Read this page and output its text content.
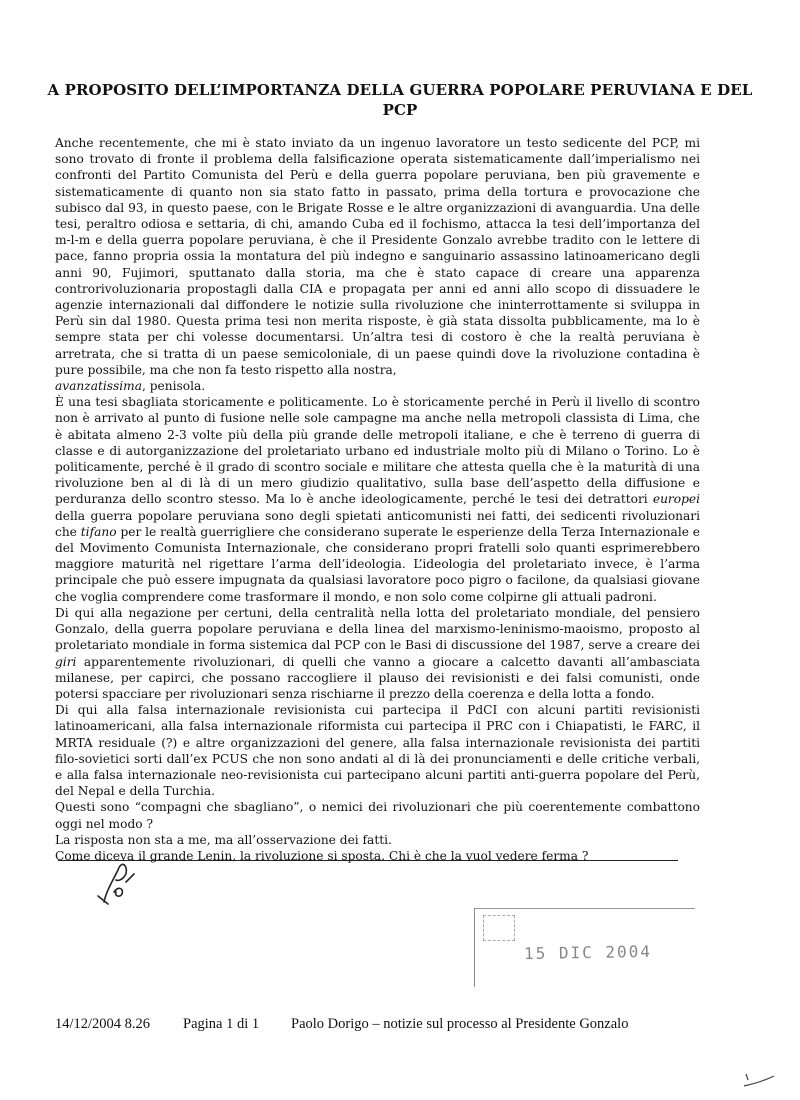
A PROPOSITO DELL’IMPORTANZA DELLA GUERRA POPOLARE PERUVIANA E DEL PCP

Anche recentemente, che mi è stato inviato da un ingenuo lavoratore un testo sedicente del PCP, mi sono trovato di fronte il problema della falsificazione operata sistematicamente dall’imperialismo nei confronti del Partito Comunista del Perù e della guerra popolare peruviana, ben più gravemente e sistematicamente di quanto non sia stato fatto in passato, prima della tortura e provocazione che subisco dal 93, in questo paese, con le Brigate Rosse e le altre organizzazioni di avanguardia. Una delle tesi, peraltro odiosa e settaria, di chi, amando Cuba ed il fochismo, attacca la tesi dell’importanza del m-l-m e della guerra popolare peruviana, è che il Presidente Gonzalo avrebbe tradito con le lettere di pace, fanno propria ossia la montatura del più indegno e sanguinario assassino latinoamericano degli anni 90, Fujimori, sputtanato dalla storia, ma che è stato capace di creare una apparenza controrivoluzionaria propostagli dalla CIA e propagata per anni ed anni allo scopo di dissuadere le agenzie internazionali dal diffondere le notizie sulla rivoluzione che ininterrottamente si sviluppa in Perù sin dal 1980. Questa prima tesi non merita risposte, è già stata dissolta pubblicamente, ma lo è sempre stata per chi volesse documentarsi. Un’altra tesi di costoro è che la realtà peruviana è arretrata, che si tratta di un paese semicoloniale, di un paese quindi dove la rivoluzione contadina è pure possibile, ma che non fa testo rispetto alla nostra,
avanzatissima, penisola.

È una tesi sbagliata storicamente e politicamente. Lo è storicamente perché in Perù il livello di scontro non è arrivato al punto di fusione nelle sole campagne ma anche nella metropoli classista di Lima, che è abitata almeno 2-3 volte più della più grande delle metropoli italiane, e che è terreno di guerra di classe e di autorganizzazione del proletariato urbano ed industriale molto più di Milano o Torino. Lo è politicamente, perché è il grado di scontro sociale e militare che attesta quella che è la maturità di una rivoluzione ben al di là di un mero giudizio qualitativo, sulla base dell’aspetto della diffusione e perduranza dello scontro stesso. Ma lo è anche ideologicamente, perché le tesi dei detrattori europei della guerra popolare peruviana sono degli spietati anticomunisti nei fatti, dei sedicenti rivoluzionari che tifano per le realtà guerrigliere che considerano superate le esperienze della Terza Internazionale e del Movimento Comunista Internazionale, che considerano propri fratelli solo quanti esprimerebbero maggiore maturità nel rigettare l’arma dell’ideologia. L’ideologia del proletariato invece, è l’arma principale che può essere impugnata da qualsiasi lavoratore poco pigro o facilone, da qualsiasi giovane che voglia comprendere come trasformare il mondo, e non solo come colpirne gli attuali padroni.

Di qui alla negazione per certuni, della centralità nella lotta del proletariato mondiale, del pensiero Gonzalo, della guerra popolare peruviana e della linea del marxismo-leninismo-maoismo, proposto al proletariato mondiale in forma sistemica dal PCP con le Basi di discussione del 1987, serve a creare dei giri apparentemente rivoluzionari, di quelli che vanno a giocare a calcetto davanti all’ambasciata milanese, per capirci, che possano raccogliere il plauso dei revisionisti e dei falsi comunisti, onde potersi spacciare per rivoluzionari senza rischiarne il prezzo della coerenza e della lotta a fondo.

Di qui alla falsa internazionale revisionista cui partecipa il PdCI con alcuni partiti revisionisti latinoamericani, alla falsa internazionale riformista cui partecipa il PRC con i Chiapatisti, le FARC, il MRTA residuale (?) e altre organizzazioni del genere, alla falsa internazionale revisionista dei partiti filo-sovietici sorti dall’ex PCUS che non sono andati al di là dei pronunciamenti e delle critiche verbali, e alla falsa internazionale neo-revisionista cui partecipano alcuni partiti anti-guerra popolare del Perù, del Nepal e della Turchia.

Questi sono “compagni che sbagliano”, o nemici dei rivoluzionari che più coerentemente combattono oggi nel modo ?

La risposta non sta a me, ma all’osservazione dei fatti.

Come diceva il grande Lenin, la rivoluzione si sposta. Chi è che la vuol vedere ferma ?

15 DIC 2004
14/12/2004 8.26 Pagina 1 di 1 Paolo Dorigo – notizie sul processo al Presidente Gonzalo
